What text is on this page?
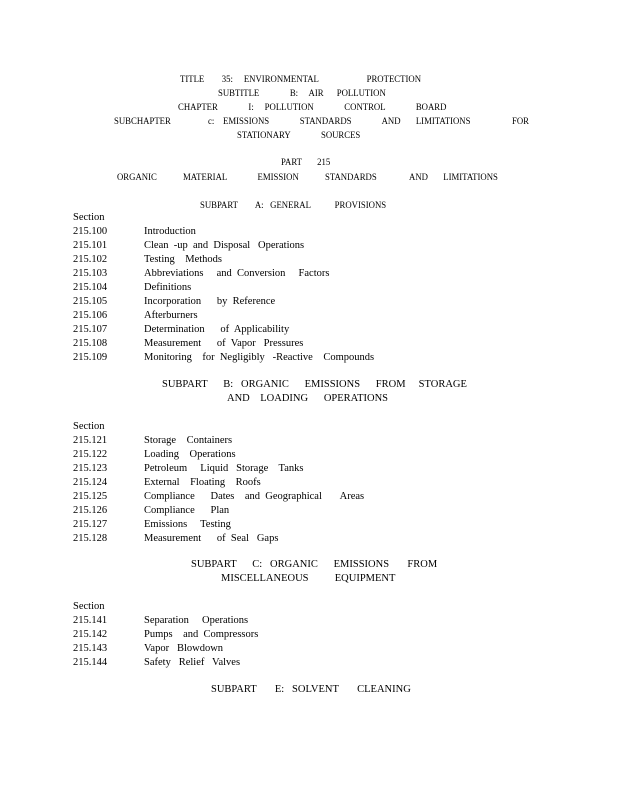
TITLE        35:     ENVIRONMENTAL                      PROTECTION
SUBTITLE              B:     AIR      POLLUTION
CHAPTER              I:     POLLUTION              CONTROL              BOARD
SUBCHAPTER                 c:    EMISSIONS              STANDARDS              AND       LIMITATIONS                   FOR
STATIONARY              SOURCES
PART       215
ORGANIC            MATERIAL              EMISSION            STANDARDS               AND       LIMITATIONS
SUBPART        A:   GENERAL           PROVISIONS
Section
215.100	Introduction
215.101	Clean  -up  and  Disposal   Operations
215.102	Testing    Methods
215.103	Abbreviations     and  Conversion     Factors
215.104	Definitions
215.105	Incorporation      by  Reference
215.106	Afterburners
215.107	Determination      of  Applicability
215.108	Measurement      of  Vapor   Pressures
215.109	Monitoring    for  Negligibly   -Reactive    Compounds
SUBPART      B:   ORGANIC      EMISSIONS      FROM     STORAGE
AND    LOADING      OPERATIONS
Section
215.121	Storage    Containers
215.122	Loading    Operations
215.123	Petroleum     Liquid   Storage    Tanks
215.124	External    Floating    Roofs
215.125	Compliance      Dates    and  Geographical       Areas
215.126	Compliance      Plan
215.127	Emissions     Testing
215.128	Measurement      of  Seal   Gaps
SUBPART      C:   ORGANIC      EMISSIONS       FROM
MISCELLANEOUS          EQUIPMENT
Section
215.141	Separation     Operations
215.142	Pumps    and  Compressors
215.143	Vapor   Blowdown
215.144	Safety   Relief   Valves
SUBPART       E:   SOLVENT       CLEANING
